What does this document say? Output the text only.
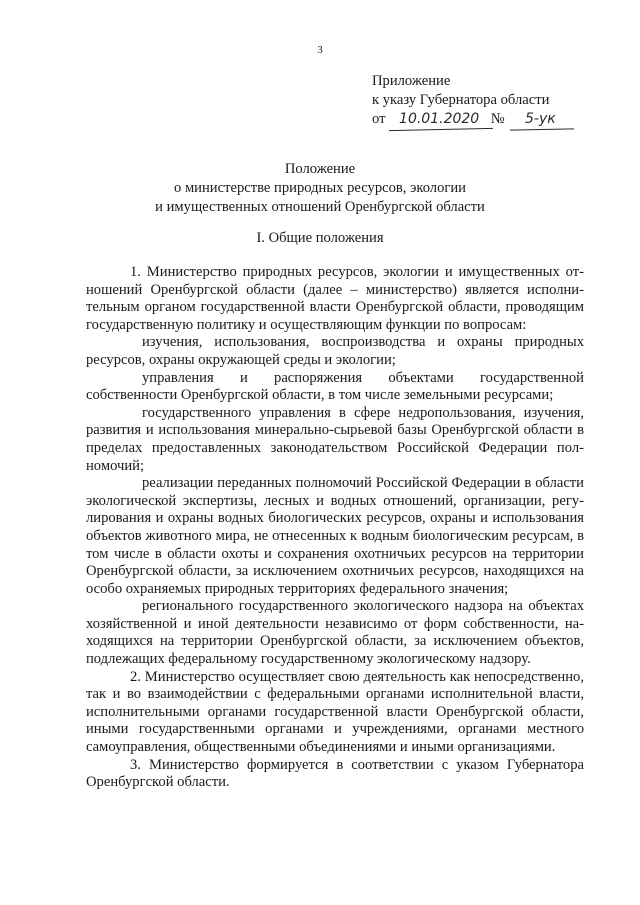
3
Приложение
к указу Губернатора области
от 10.01.2020 № 5-ук
Положение
о министерстве природных ресурсов, экологии
и имущественных отношений Оренбургской области
I. Общие положения

1. Министерство природных ресурсов, экологии и имущественных отношений Оренбургской области (далее – министерство) является исполнительным органом государственной власти Оренбургской области, проводящим государственную политику и осуществляющим функции по вопросам:

изучения, использования, воспроизводства и охраны природных ресурсов, охраны окружающей среды и экологии;

управления и распоряжения объектами государственной собственности Оренбургской области, в том числе земельными ресурсами;

государственного управления в сфере недропользования, изучения, развития и использования минерально-сырьевой базы Оренбургской области в пределах предоставленных законодательством Российской Федерации полномочий;

реализации переданных полномочий Российской Федерации в области экологической экспертизы, лесных и водных отношений, организации, регулирования и охраны водных биологических ресурсов, охраны и использования объектов животного мира, не отнесенных к водным биологическим ресурсам, в том числе в области охоты и сохранения охотничьих ресурсов на территории Оренбургской области, за исключением охотничьих ресурсов, находящихся на особо охраняемых природных территориях федерального значения;

регионального государственного экологического надзора на объектах хозяйственной и иной деятельности независимо от форм собственности, находящихся на территории Оренбургской области, за исключением объектов, подлежащих федеральному государственному экологическому надзору.

2. Министерство осуществляет свою деятельность как непосредственно, так и во взаимодействии с федеральными органами исполнительной власти, исполнительными органами государственной власти Оренбургской области, иными государственными органами и учреждениями, органами местного самоуправления, общественными объединениями и иными организациями.

3. Министерство формируется в соответствии с указом Губернатора Оренбургской области.
